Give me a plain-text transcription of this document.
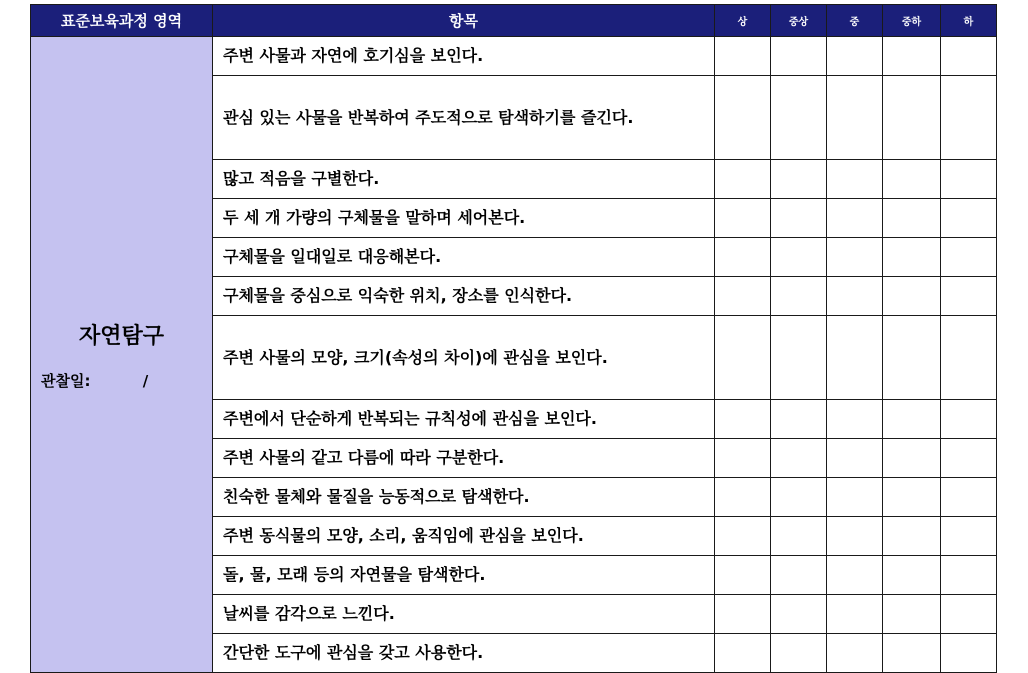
표준보육과정 영역	항목	상	중상	중	중하	하

자연탐구
관찰일: /	주변 사물과 자연에 호기심을 보인다.					
	관심 있는 사물을 반복하여 주도적으로 탐색하기를 즐긴다.					
	많고 적음을 구별한다.					
	두 세 개 가량의 구체물을 말하며 세어본다.					
	구체물을 일대일로 대응해본다.					
	구체물을 중심으로 익숙한 위치, 장소를 인식한다.					
	주변 사물의 모양, 크기(속성의 차이)에 관심을 보인다.					
	주변에서 단순하게 반복되는 규칙성에 관심을 보인다.					
	주변 사물의 같고 다름에 따라 구분한다.					
	친숙한 물체와 물질을 능동적으로 탐색한다.					
	주변 동식물의 모양, 소리, 움직임에 관심을 보인다.					
	돌, 물, 모래 등의 자연물을 탐색한다.					
	날씨를 감각으로 느낀다.					
	간단한 도구에 관심을 갖고 사용한다.					
